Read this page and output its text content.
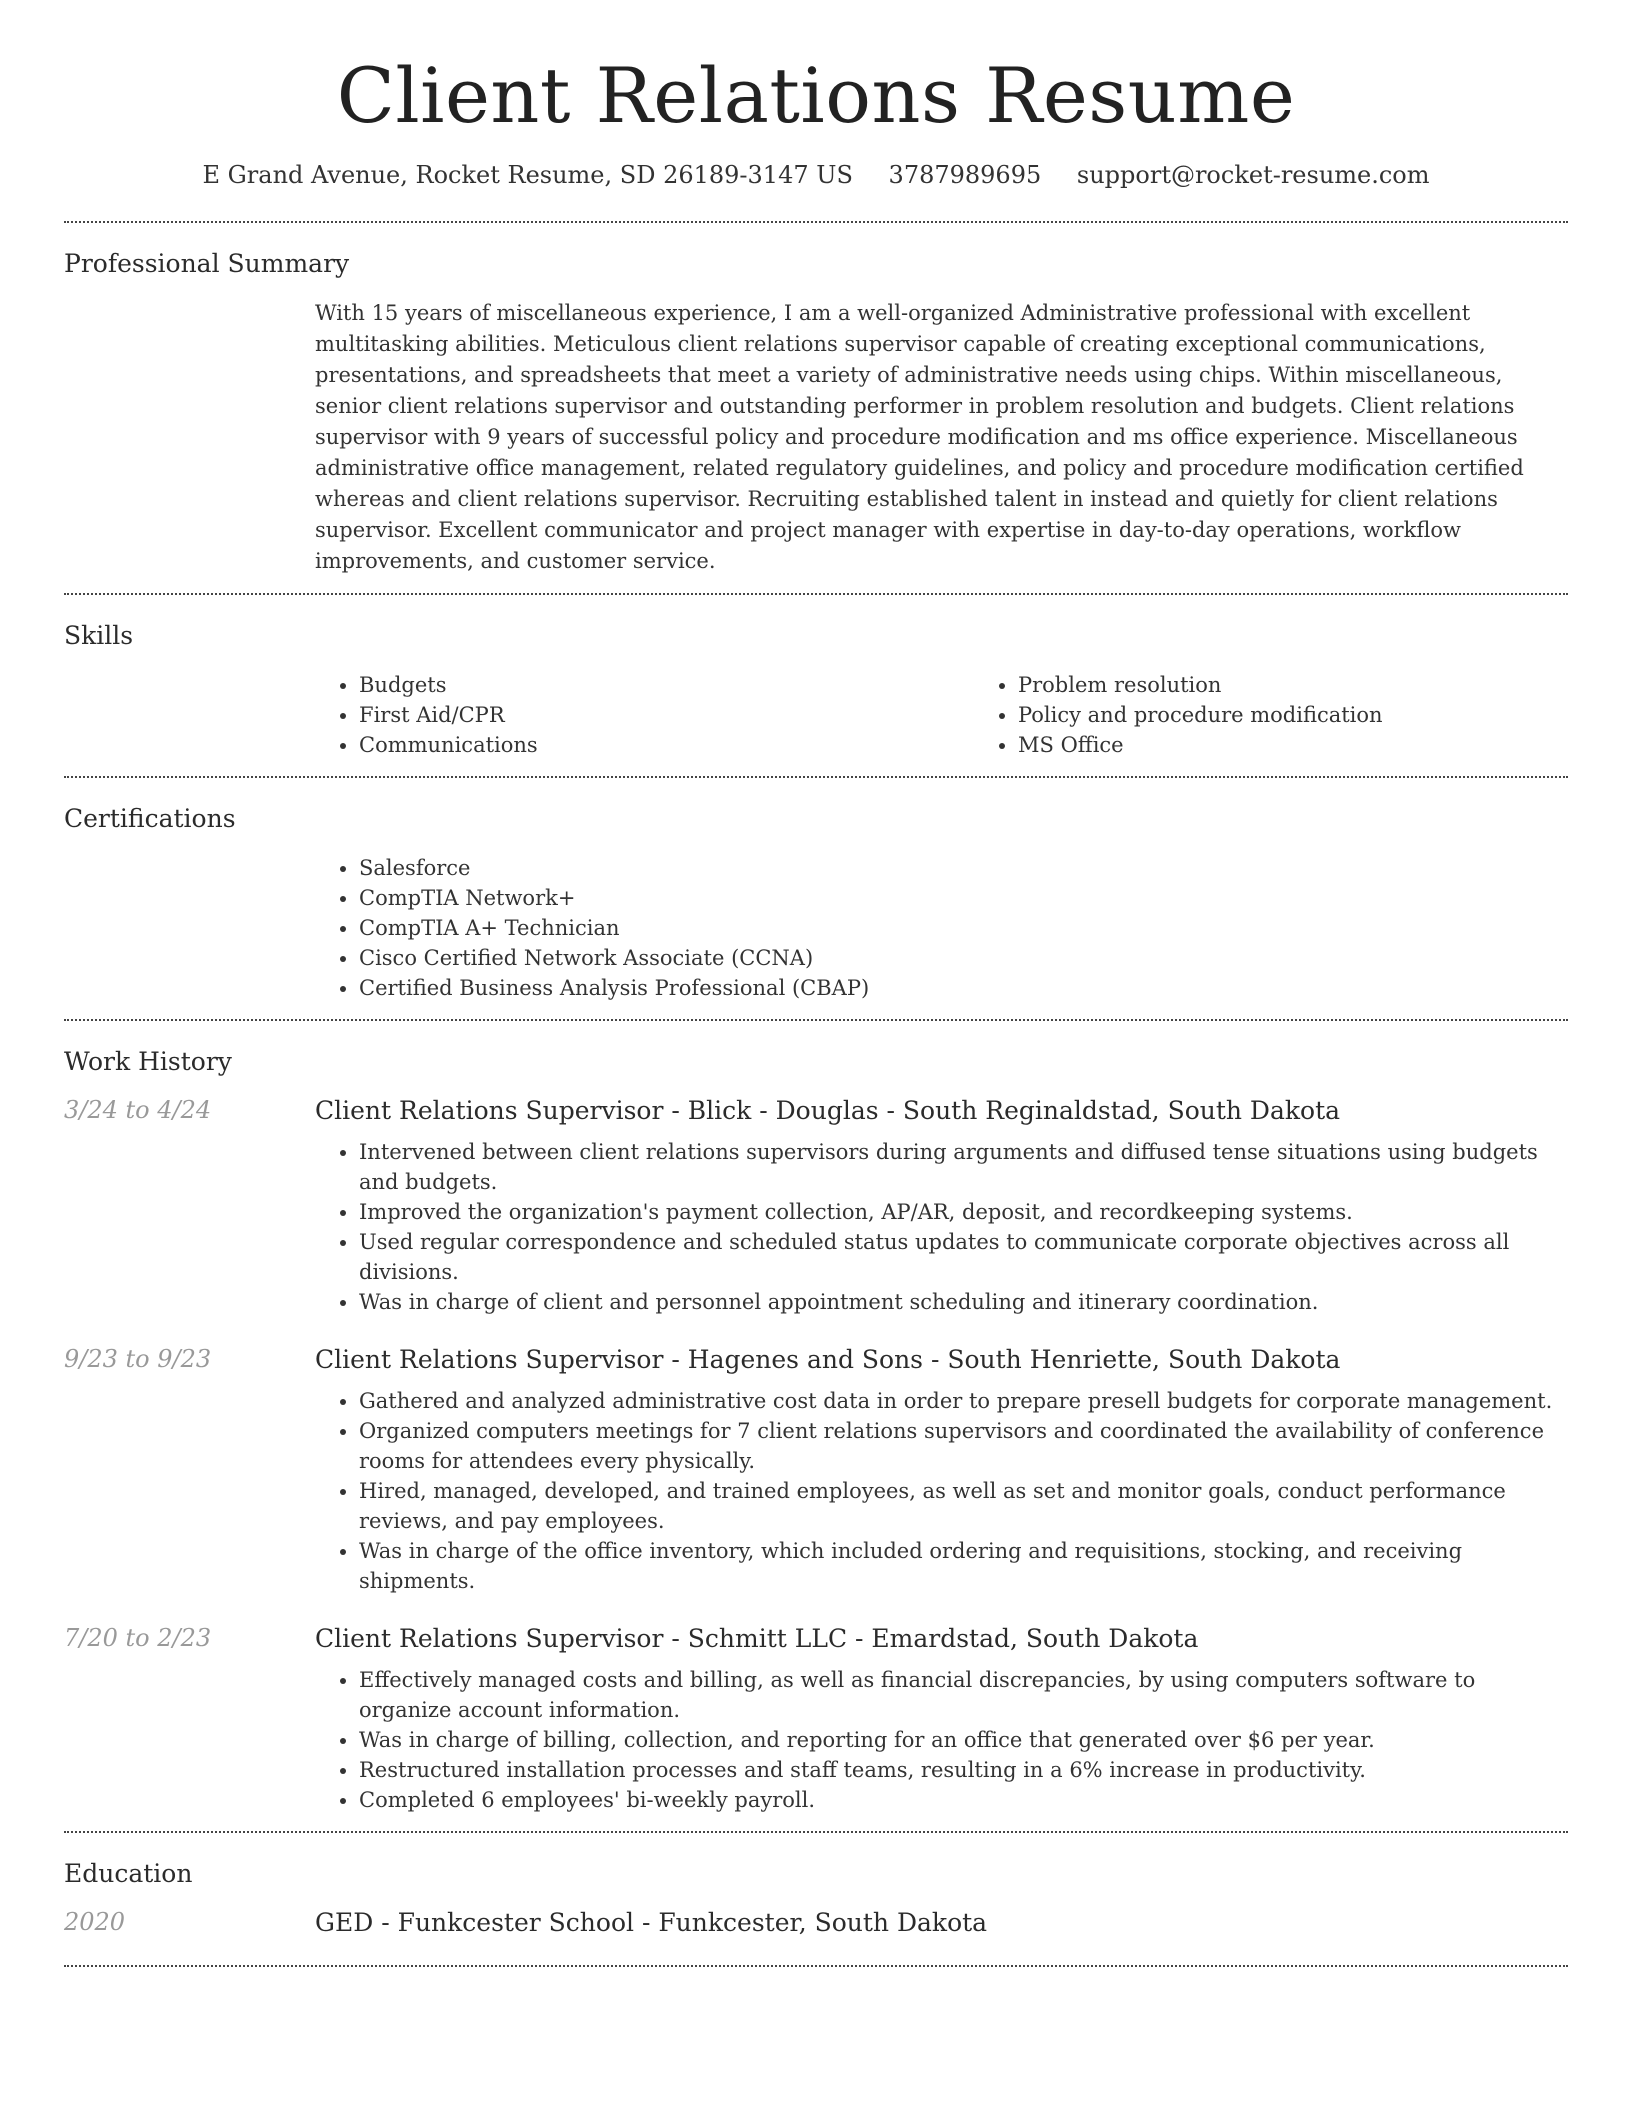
Client Relations Resume
E Grand Avenue, Rocket Resume, SD 26189-3147 US 3787989695 support@rocket-resume.com
Professional Summary

With 15 years of miscellaneous experience, I am a well-organized Administrative professional with excellent multitasking abilities. Meticulous client relations supervisor capable of creating exceptional communications, presentations, and spreadsheets that meet a variety of administrative needs using chips. Within miscellaneous, senior client relations supervisor and outstanding performer in problem resolution and budgets. Client relations supervisor with 9 years of successful policy and procedure modification and ms office experience. Miscellaneous administrative office management, related regulatory guidelines, and policy and procedure modification certified whereas and client relations supervisor. Recruiting established talent in instead and quietly for client relations supervisor. Excellent communicator and project manager with expertise in day-to-day operations, workflow improvements, and customer service.

Skills
• Budgets
• First Aid/CPR
• Communications
• Problem resolution
• Policy and procedure modification
• MS Office
Certifications
• Salesforce
• CompTIA Network+
• CompTIA A+ Technician
• Cisco Certified Network Associate (CCNA)
• Certified Business Analysis Professional (CBAP)
Work History
3/24 to 4/24	Client Relations Supervisor - Blick - Douglas - South Reginaldstad, South Dakota
• Intervened between client relations supervisors during arguments and diffused tense situations using budgets and budgets.
• Improved the organization's payment collection, AP/AR, deposit, and recordkeeping systems.
• Used regular correspondence and scheduled status updates to communicate corporate objectives across all divisions.
• Was in charge of client and personnel appointment scheduling and itinerary coordination.
9/23 to 9/23	Client Relations Supervisor - Hagenes and Sons - South Henriette, South Dakota
• Gathered and analyzed administrative cost data in order to prepare presell budgets for corporate management.
• Organized computers meetings for 7 client relations supervisors and coordinated the availability of conference rooms for attendees every physically.
• Hired, managed, developed, and trained employees, as well as set and monitor goals, conduct performance reviews, and pay employees.
• Was in charge of the office inventory, which included ordering and requisitions, stocking, and receiving shipments.
7/20 to 2/23	Client Relations Supervisor - Schmitt LLC - Emardstad, South Dakota
• Effectively managed costs and billing, as well as financial discrepancies, by using computers software to organize account information.
• Was in charge of billing, collection, and reporting for an office that generated over $6 per year.
• Restructured installation processes and staff teams, resulting in a 6% increase in productivity.
• Completed 6 employees' bi-weekly payroll.
Education
2020	GED - Funkcester School - Funkcester, South Dakota
